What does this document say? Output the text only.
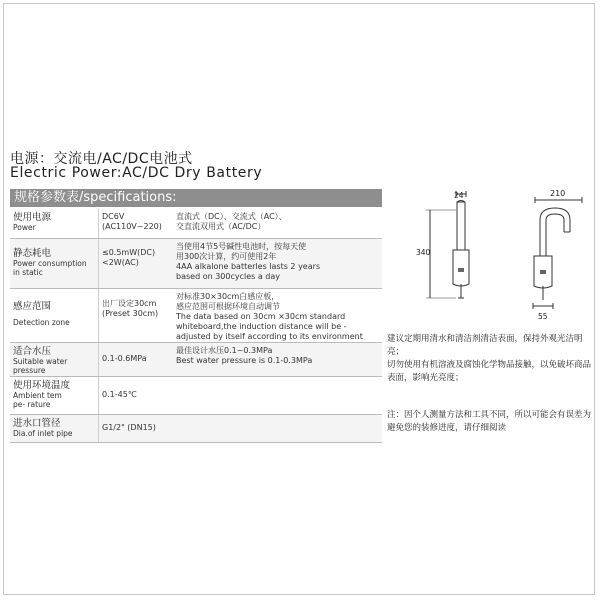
电源：交流电/AC/DC电池式
Electric Power:AC/DC Dry Battery
规格参数表/specifications:
使用电源
Power
DC6V
(AC110V~220)
直流式（DC）、交流式（AC）、
交直流双用式（AC/DC）
静态耗电
Power consumption in static
≤0.5mW(DC)
<2W(AC)
当使用4节5号碱性电池时，按每天使
用300次计算，约可使用2年
4AA alkalone batterles lasts 2 years
based on 300cycles a day
感应范围
Detection zone
出厂设定30cm
(Preset 30cm)
对标准30×30cm白感应板，
感应范围可根据环境自动调节
The data based on 30cm ×30cm standard
whiteboard,the induction distance will be -
adjusted by itself according to its environment
适合水压
Suitable water pressure
0.1-0.6MPa
最佳设计水压0.1~0.3MPa
Best water pressure is 0.1-0.3MPa
使用环境温度
Ambient tem pe- rature
0.1-45℃
进水口管径
Dia.of inlet pipe
G1/2" (DN15)
24
340
210
55

建议定期用清水和清洁剂清洁表面，保持外观光洁明亮；

切勿使用有机溶液及腐蚀化学物品接触，以免破坏商品表面，影响光亮度；

注：因个人测量方法和工具不同，所以可能会有误差为避免您的装修进度，请仔细阅读
